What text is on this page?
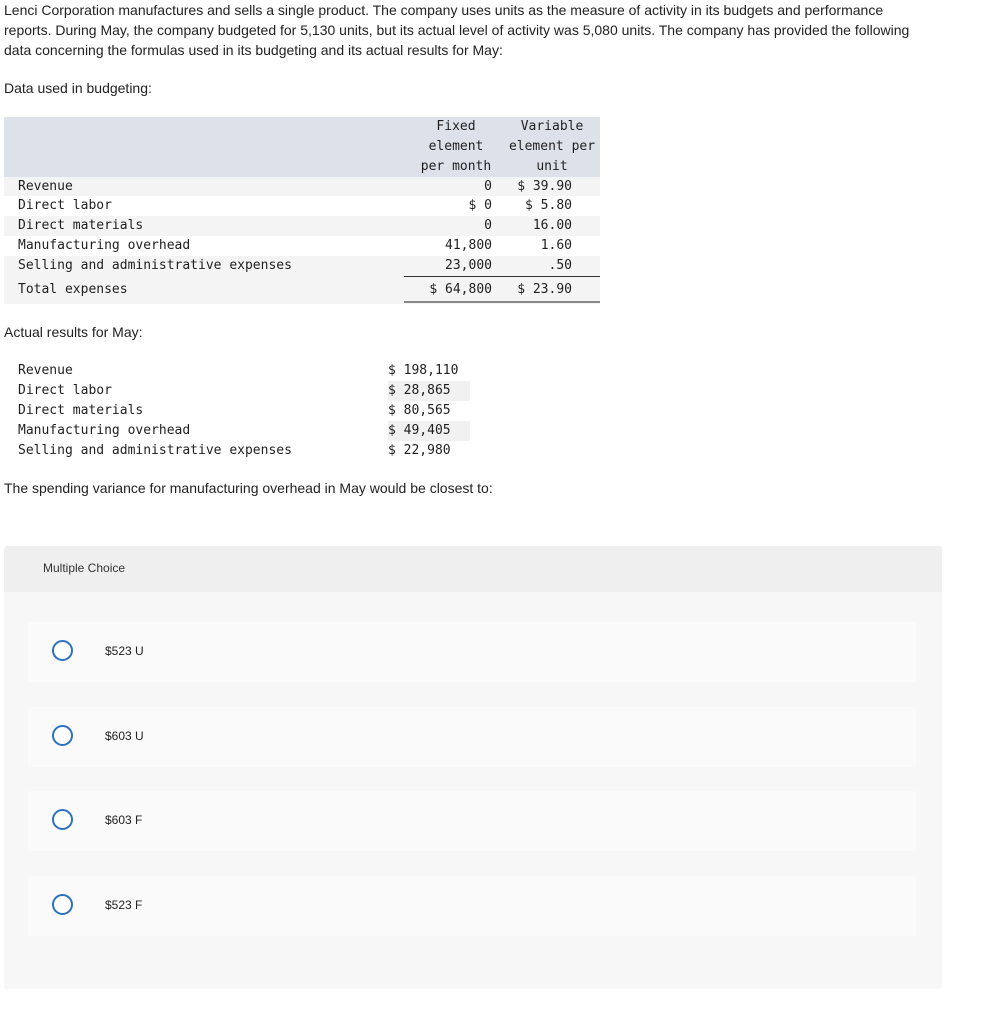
Lenci Corporation manufactures and sells a single product. The company uses units as the measure of activity in its budgets and performance reports. During May, the company budgeted for 5,130 units, but its actual level of activity was 5,080 units. The company has provided the following data concerning the formulas used in its budgeting and its actual results for May:

Data used in budgeting:

Fixed
element
per month
Variable
element per
unit
Revenue	0 $ 39.90
Direct labor	$ 0	$ 5.80
Direct materials	0	16.00
Manufacturing overhead	41,800	1.60
Selling and administrative expenses	23,000	.50
Total expenses	$ 64,800 $ 23.90

Actual results for May:

Revenue	$ 198,110
Direct labor	$ 28,865
Direct materials	$ 80,565
Manufacturing overhead	$ 49,405
Selling and administrative expenses	$ 22,980

The spending variance for manufacturing overhead in May would be closest to:

Multiple Choice
$523 U
$603 U
$603 F
$523 F
